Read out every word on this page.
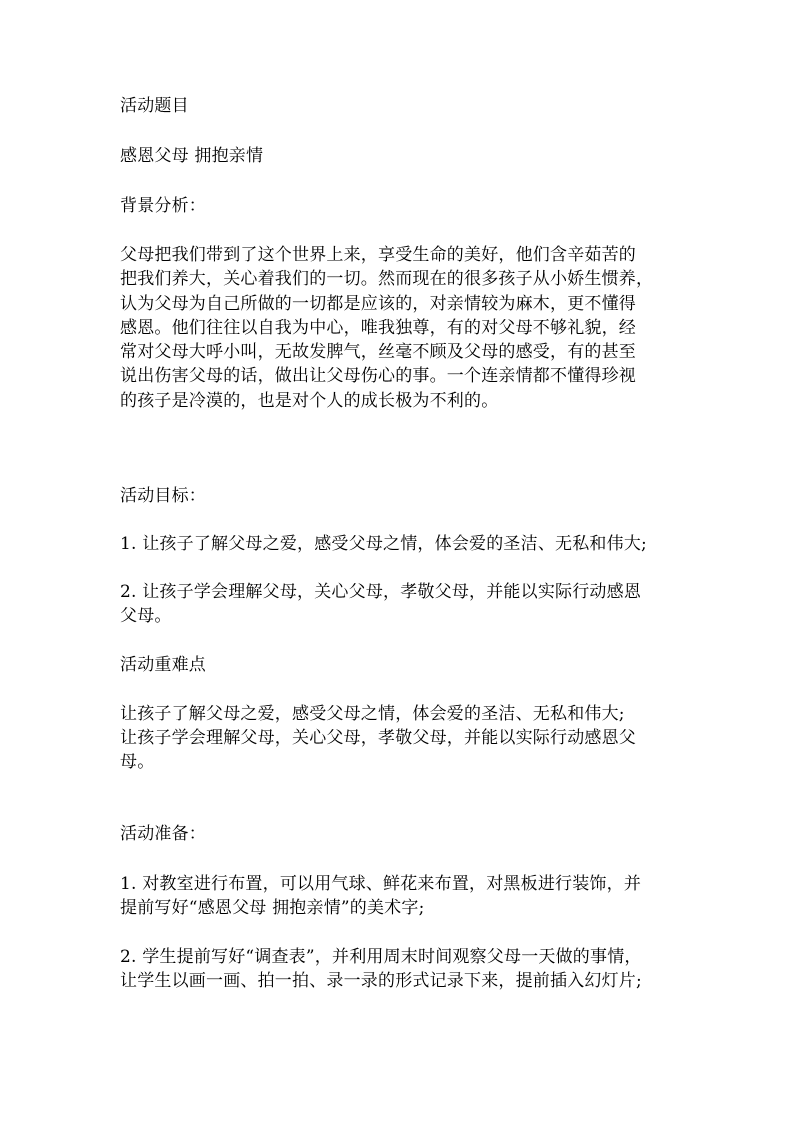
活动题目
感恩父母 拥抱亲情
背景分析：
父母把我们带到了这个世界上来，享受生命的美好，他们含辛茹苦的
把我们养大，关心着我们的一切。然而现在的很多孩子从小娇生惯养，
认为父母为自己所做的一切都是应该的，对亲情较为麻木，更不懂得
感恩。他们往往以自我为中心，唯我独尊，有的对父母不够礼貌，经
常对父母大呼小叫，无故发脾气，丝毫不顾及父母的感受，有的甚至
说出伤害父母的话，做出让父母伤心的事。一个连亲情都不懂得珍视
的孩子是冷漠的，也是对个人的成长极为不利的。
活动目标：
1. 让孩子了解父母之爱，感受父母之情，体会爱的圣洁、无私和伟大;
2. 让孩子学会理解父母，关心父母，孝敬父母，并能以实际行动感恩
父母。
活动重难点
让孩子了解父母之爱，感受父母之情，体会爱的圣洁、无私和伟大;
让孩子学会理解父母，关心父母，孝敬父母，并能以实际行动感恩父
母。
活动准备：
1. 对教室进行布置，可以用气球、鲜花来布置，对黑板进行装饰，并
提前写好“感恩父母 拥抱亲情”的美术字;
2. 学生提前写好“调查表”，并利用周末时间观察父母一天做的事情，
让学生以画一画、拍一拍、录一录的形式记录下来，提前插入幻灯片;
